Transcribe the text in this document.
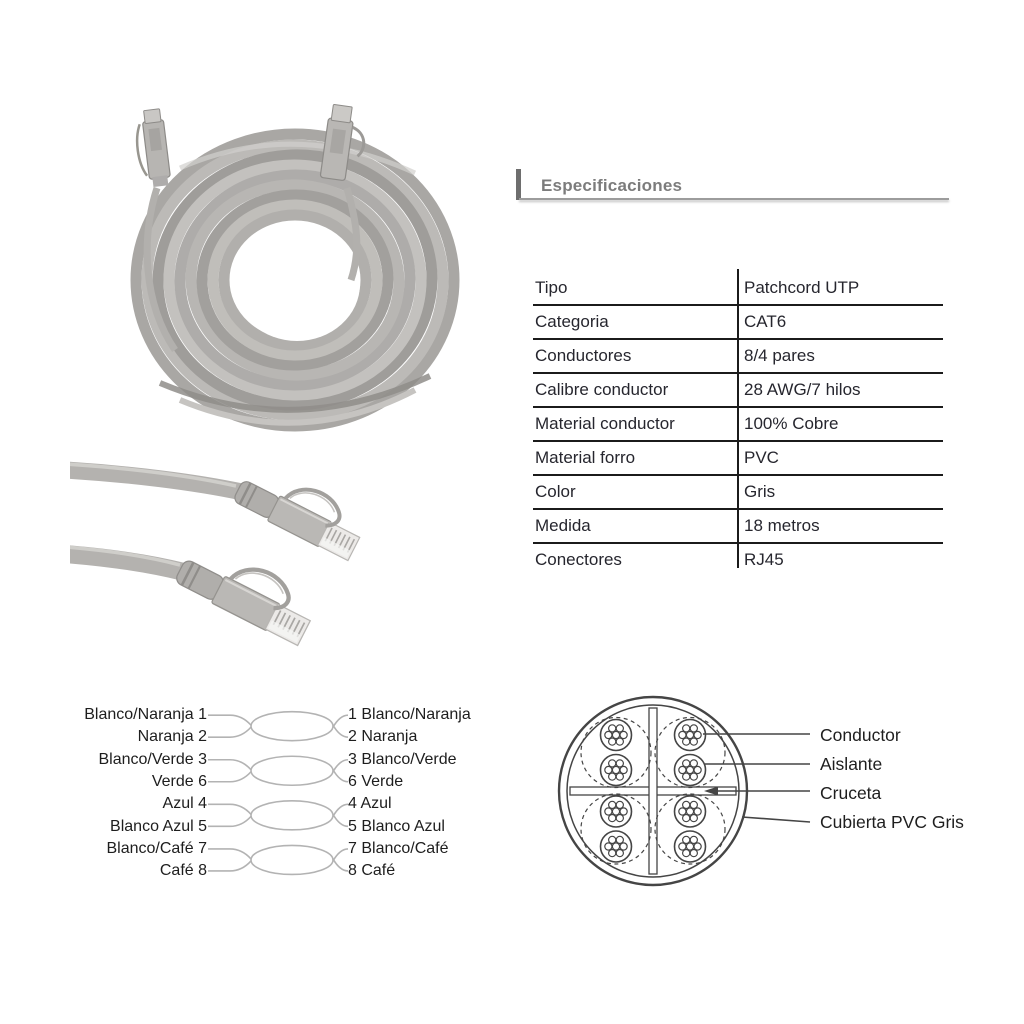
Especificaciones
Tipo	Patchcord UTP
Categoria	CAT6
Conductores	8/4 pares
Calibre conductor	28 AWG/7 hilos
Material conductor	100% Cobre
Material forro	PVC
Color	Gris
Medida	18 metros
Conectores	RJ45
Blanco/Naranja 1	1 Blanco/Naranja
Naranja 2	2 Naranja
Blanco/Verde 3	3 Blanco/Verde
Verde 6	6 Verde
Azul 4	4 Azul
Blanco Azul 5	5 Blanco Azul
Blanco/Café 7	7 Blanco/Café
Café 8	8 Café
Conductor
Aislante
Cruceta
Cubierta PVC Gris
